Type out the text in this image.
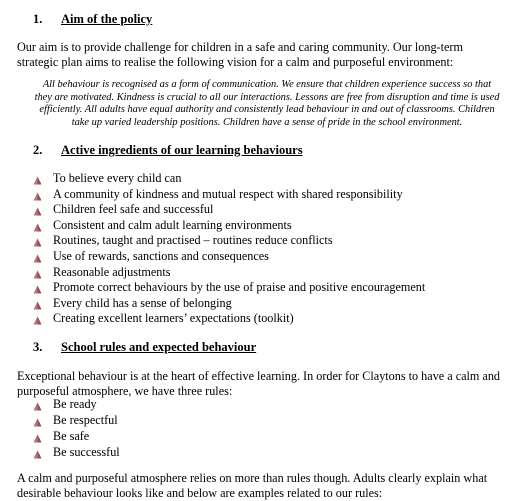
1. Aim of the policy
Our aim is to provide challenge for children in a safe and caring community. Our long-term
strategic plan aims to realise the following vision for a calm and purposeful environment:
All behaviour is recognised as a form of communication. We ensure that children experience success so that
they are motivated. Kindness is crucial to all our interactions. Lessons are free from disruption and time is used
efficiently. All adults have equal authority and consistently lead behaviour in and out of classrooms. Children
take up varied leadership positions. Children have a sense of pride in the school environment.
2. Active ingredients of our learning behaviours
To believe every child can
A community of kindness and mutual respect with shared responsibility
Children feel safe and successful
Consistent and calm adult learning environments
Routines, taught and practised – routines reduce conflicts
Use of rewards, sanctions and consequences
Reasonable adjustments
Promote correct behaviours by the use of praise and positive encouragement
Every child has a sense of belonging
Creating excellent learners’ expectations (toolkit)
3. School rules and expected behaviour
Exceptional behaviour is at the heart of effective learning. In order for Claytons to have a calm and
purposeful atmosphere, we have three rules:
Be ready
Be respectful
Be safe
Be successful
A calm and purposeful atmosphere relies on more than rules though. Adults clearly explain what
desirable behaviour looks like and below are examples related to our rules:
